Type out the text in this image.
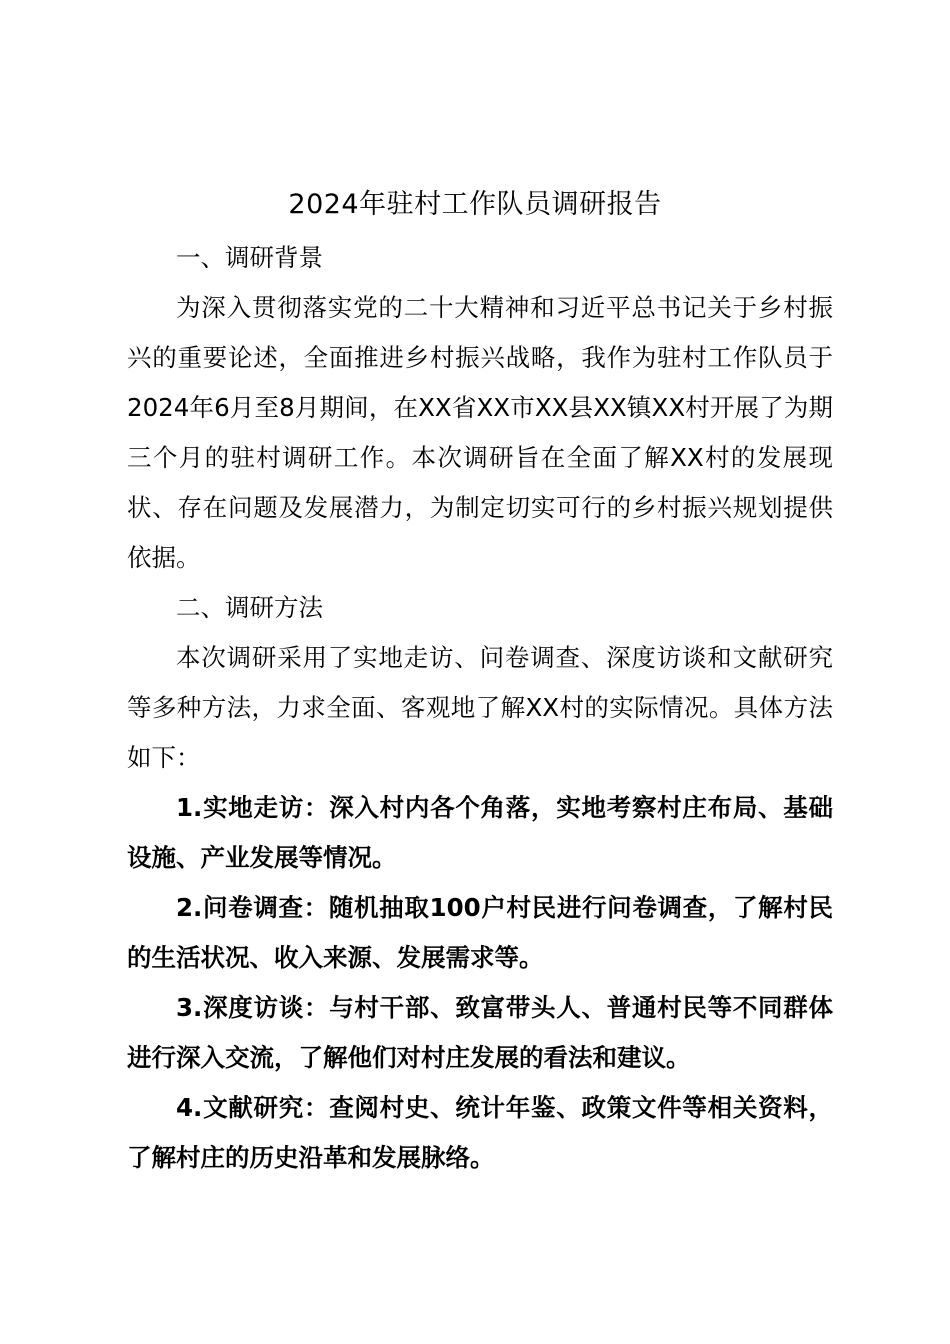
2024年驻村工作队员调研报告

一、调研背景

为深入贯彻落实党的二十大精神和习近平总书记关于乡村振兴的重要论述，全面推进乡村振兴战略，我作为驻村工作队员于2024年6月至8月期间，在XX省XX市XX县XX镇XX村开展了为期三个月的驻村调研工作。本次调研旨在全面了解XX村的发展现状、存在问题及发展潜力，为制定切实可行的乡村振兴规划提供依据。

二、调研方法

本次调研采用了实地走访、问卷调查、深度访谈和文献研究等多种方法，力求全面、客观地了解XX村的实际情况。具体方法如下：

1.实地走访：深入村内各个角落，实地考察村庄布局、基础设施、产业发展等情况。

2.问卷调查：随机抽取100户村民进行问卷调查，了解村民的生活状况、收入来源、发展需求等。

3.深度访谈：与村干部、致富带头人、普通村民等不同群体进行深入交流，了解他们对村庄发展的看法和建议。

4.文献研究：查阅村史、统计年鉴、政策文件等相关资料，了解村庄的历史沿革和发展脉络。
